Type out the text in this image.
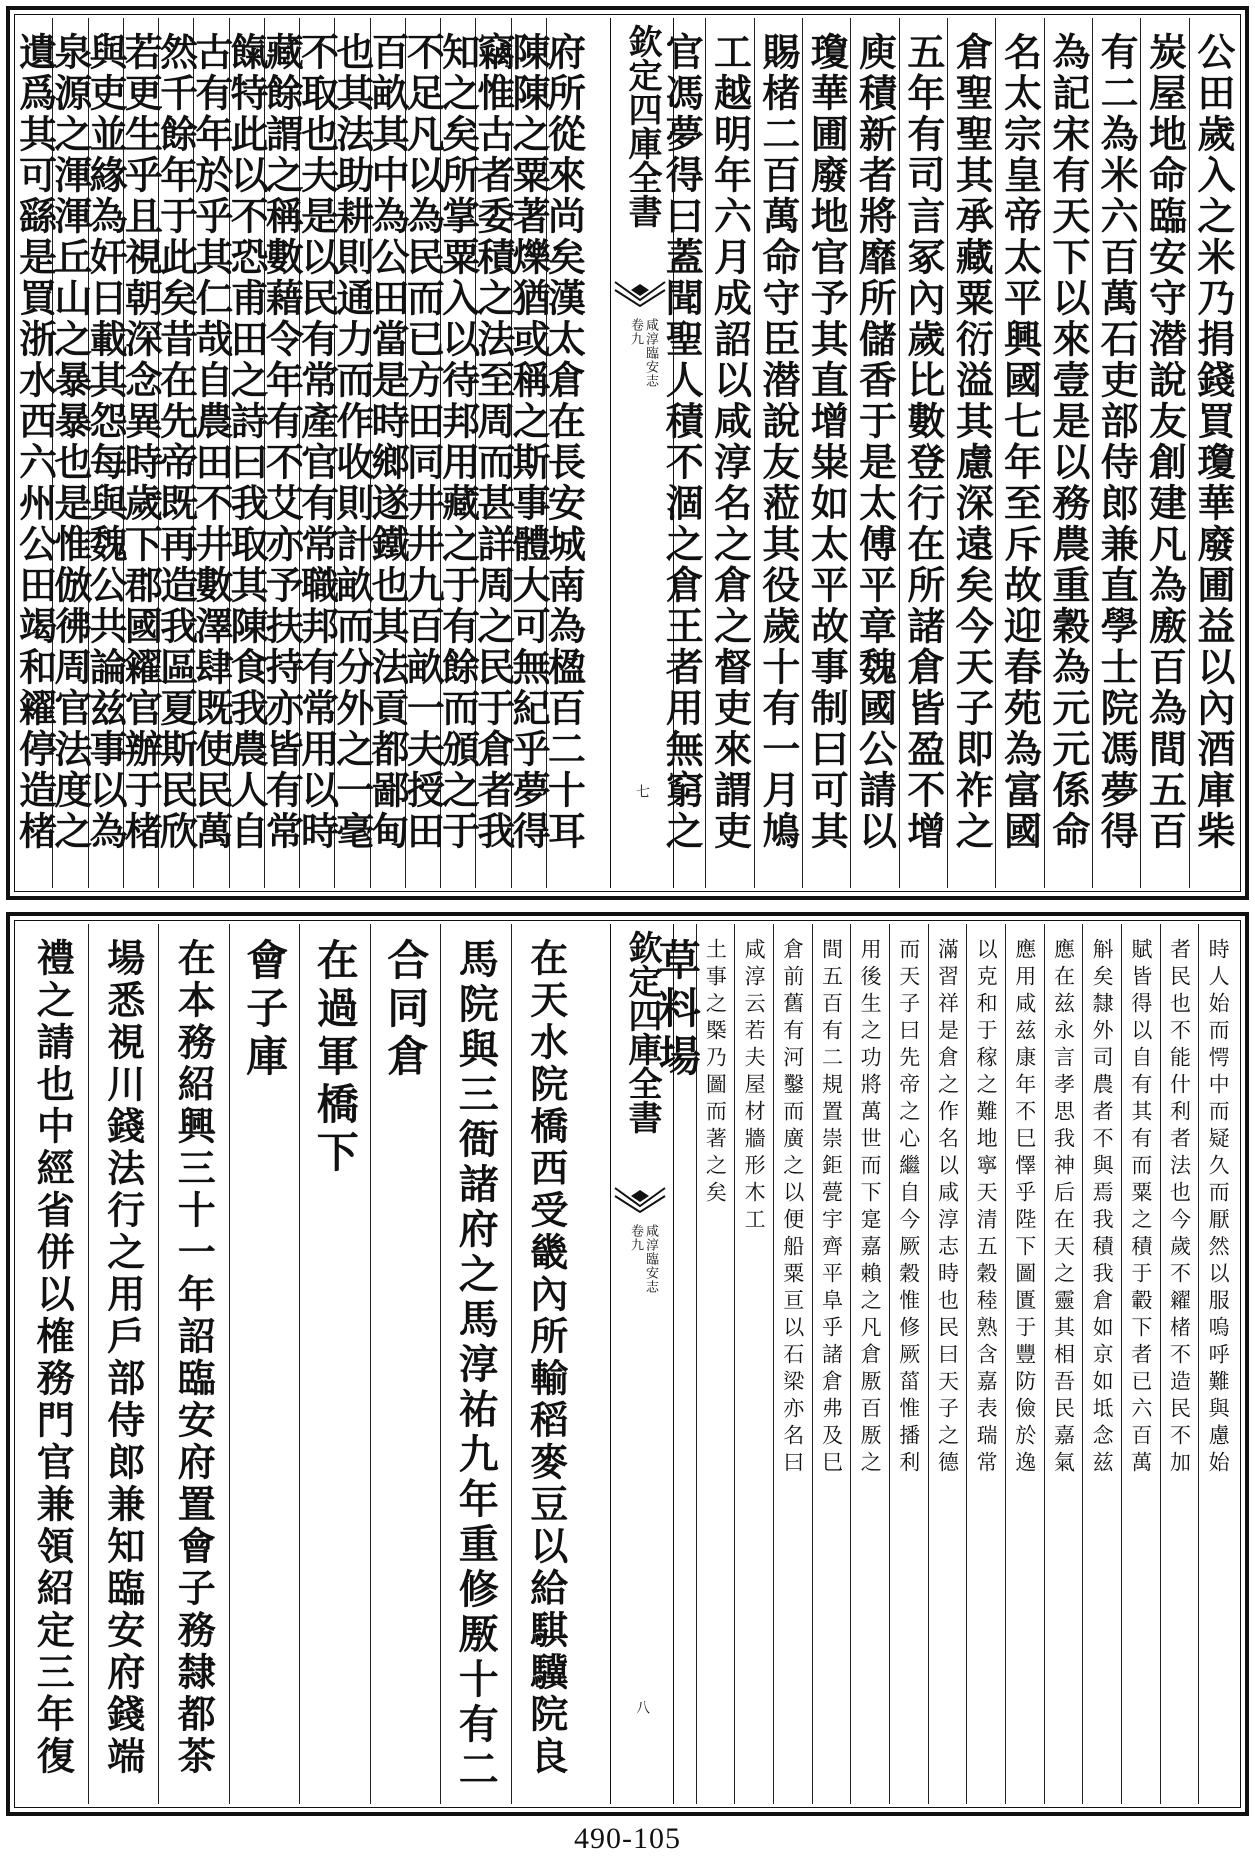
公田歲入之米乃捐錢買瓊華廢圃益以內酒庫柴
炭屋地命臨安守潜說友創建凡為廒百為間五百
有二為米六百萬石吏部侍郎兼直學士院馮夢得
為記宋有天下以來壹是以務農重穀為元元係命
名太宗皇帝太平興國七年至斥故迎春苑為富國
倉聖聖其承藏粟衍溢其慮深遠矣今天子即祚之
五年有司言冢內歲比數登行在所諸倉皆盈不增
庾積新者將靡所儲香于是太傅平章魏國公請以
瓊華圃廢地官予其直增粜如太平故事制曰可其
賜楮二百萬命守臣潜說友蒞其役歲十有一月鳩
工越明年六月成詔以咸淳名之倉之督吏來謂吏
官馮夢得曰蓋聞聖人積不涸之倉王者用無窮之
欽定四庫全書
咸淳臨安志
卷九
七
府所從來尚矣漢太倉在長安城南為楹百二十耳
陳陳之粟著爍猶或稱之斯事體大可無紀乎夢得
竊惟古者委積之法至周而甚詳周之民于倉者我
知之矣所掌粟入以待邦用藏之于有餘而頒之于
不足凡以為民而已方田同井井九百畝一夫授田
百畝其中為公田當是時鄉遂鐵也其法貢都鄙甸
也其法助耕則通力而作收則計畝而分外之一毫
不取也夫是以民有常產官有常職邦有常用以時
藏餘謂之稱數藉令年有不艾亦予扶持亦皆有常
餼特此以不恐甫田之詩曰我取其陳食我農人自
古有年於乎其仁哉自農田不井數澤肆既使民萬
然千餘年于此矣昔在先帝既再造我區夏斯民欣
若更生乎且視朝深念異時歲下郡國糴官辦于楮
與吏並緣為奸日載其怨每與魏公共論兹事以為
泉源之渾渾丘山之暴暴也是惟倣彿周官法度之
遺爲其可繇是買浙水西六州公田竭和糴停造楮
時人始而愕中而疑久而厭然以服嗚呼難與慮始
者民也不能什利者法也今歲不糴楮不造民不加
賦皆得以自有其有而粟之積于轂下者已六百萬
斛矣隸外司農者不與焉我積我倉如京如坻念兹
應在兹永言孝思我神后在天之靈其相吾民嘉氣
應用咸兹康年不巳懌乎陛下圖匱于豐防儉於逸
以克和于稼之難地寧天清五穀稑熟含嘉表瑞常
滿習祥是倉之作名以咸淳志時也民曰天子之德
而天子曰先帝之心繼自今厥穀惟修厥菑惟播利
用後生之功將萬世而下寔嘉賴之凡倉厫百厫之
間五百有二規置崇鉅甍宇齊平阜乎諸倉弗及巳
倉前舊有河鑿而廣之以便船粟亘以石梁亦名曰
咸淳云若夫屋材牆形木工
土事之槩乃圖而著之矣
草料場
欽定四庫全書
咸淳臨安志
卷九
八
在天水院橋西受畿內所輸稻麥豆以給騏驥院良
馬院與三衙諸府之馬淳祐九年重修厫十有二
合同倉
在過軍橋下
會子庫
在本務紹興三十一年詔臨安府置會子務隸都茶
場悉視川錢法行之用戶部侍郎兼知臨安府錢端
禮之請也中經省併以榷務門官兼領紹定三年復
490-105
